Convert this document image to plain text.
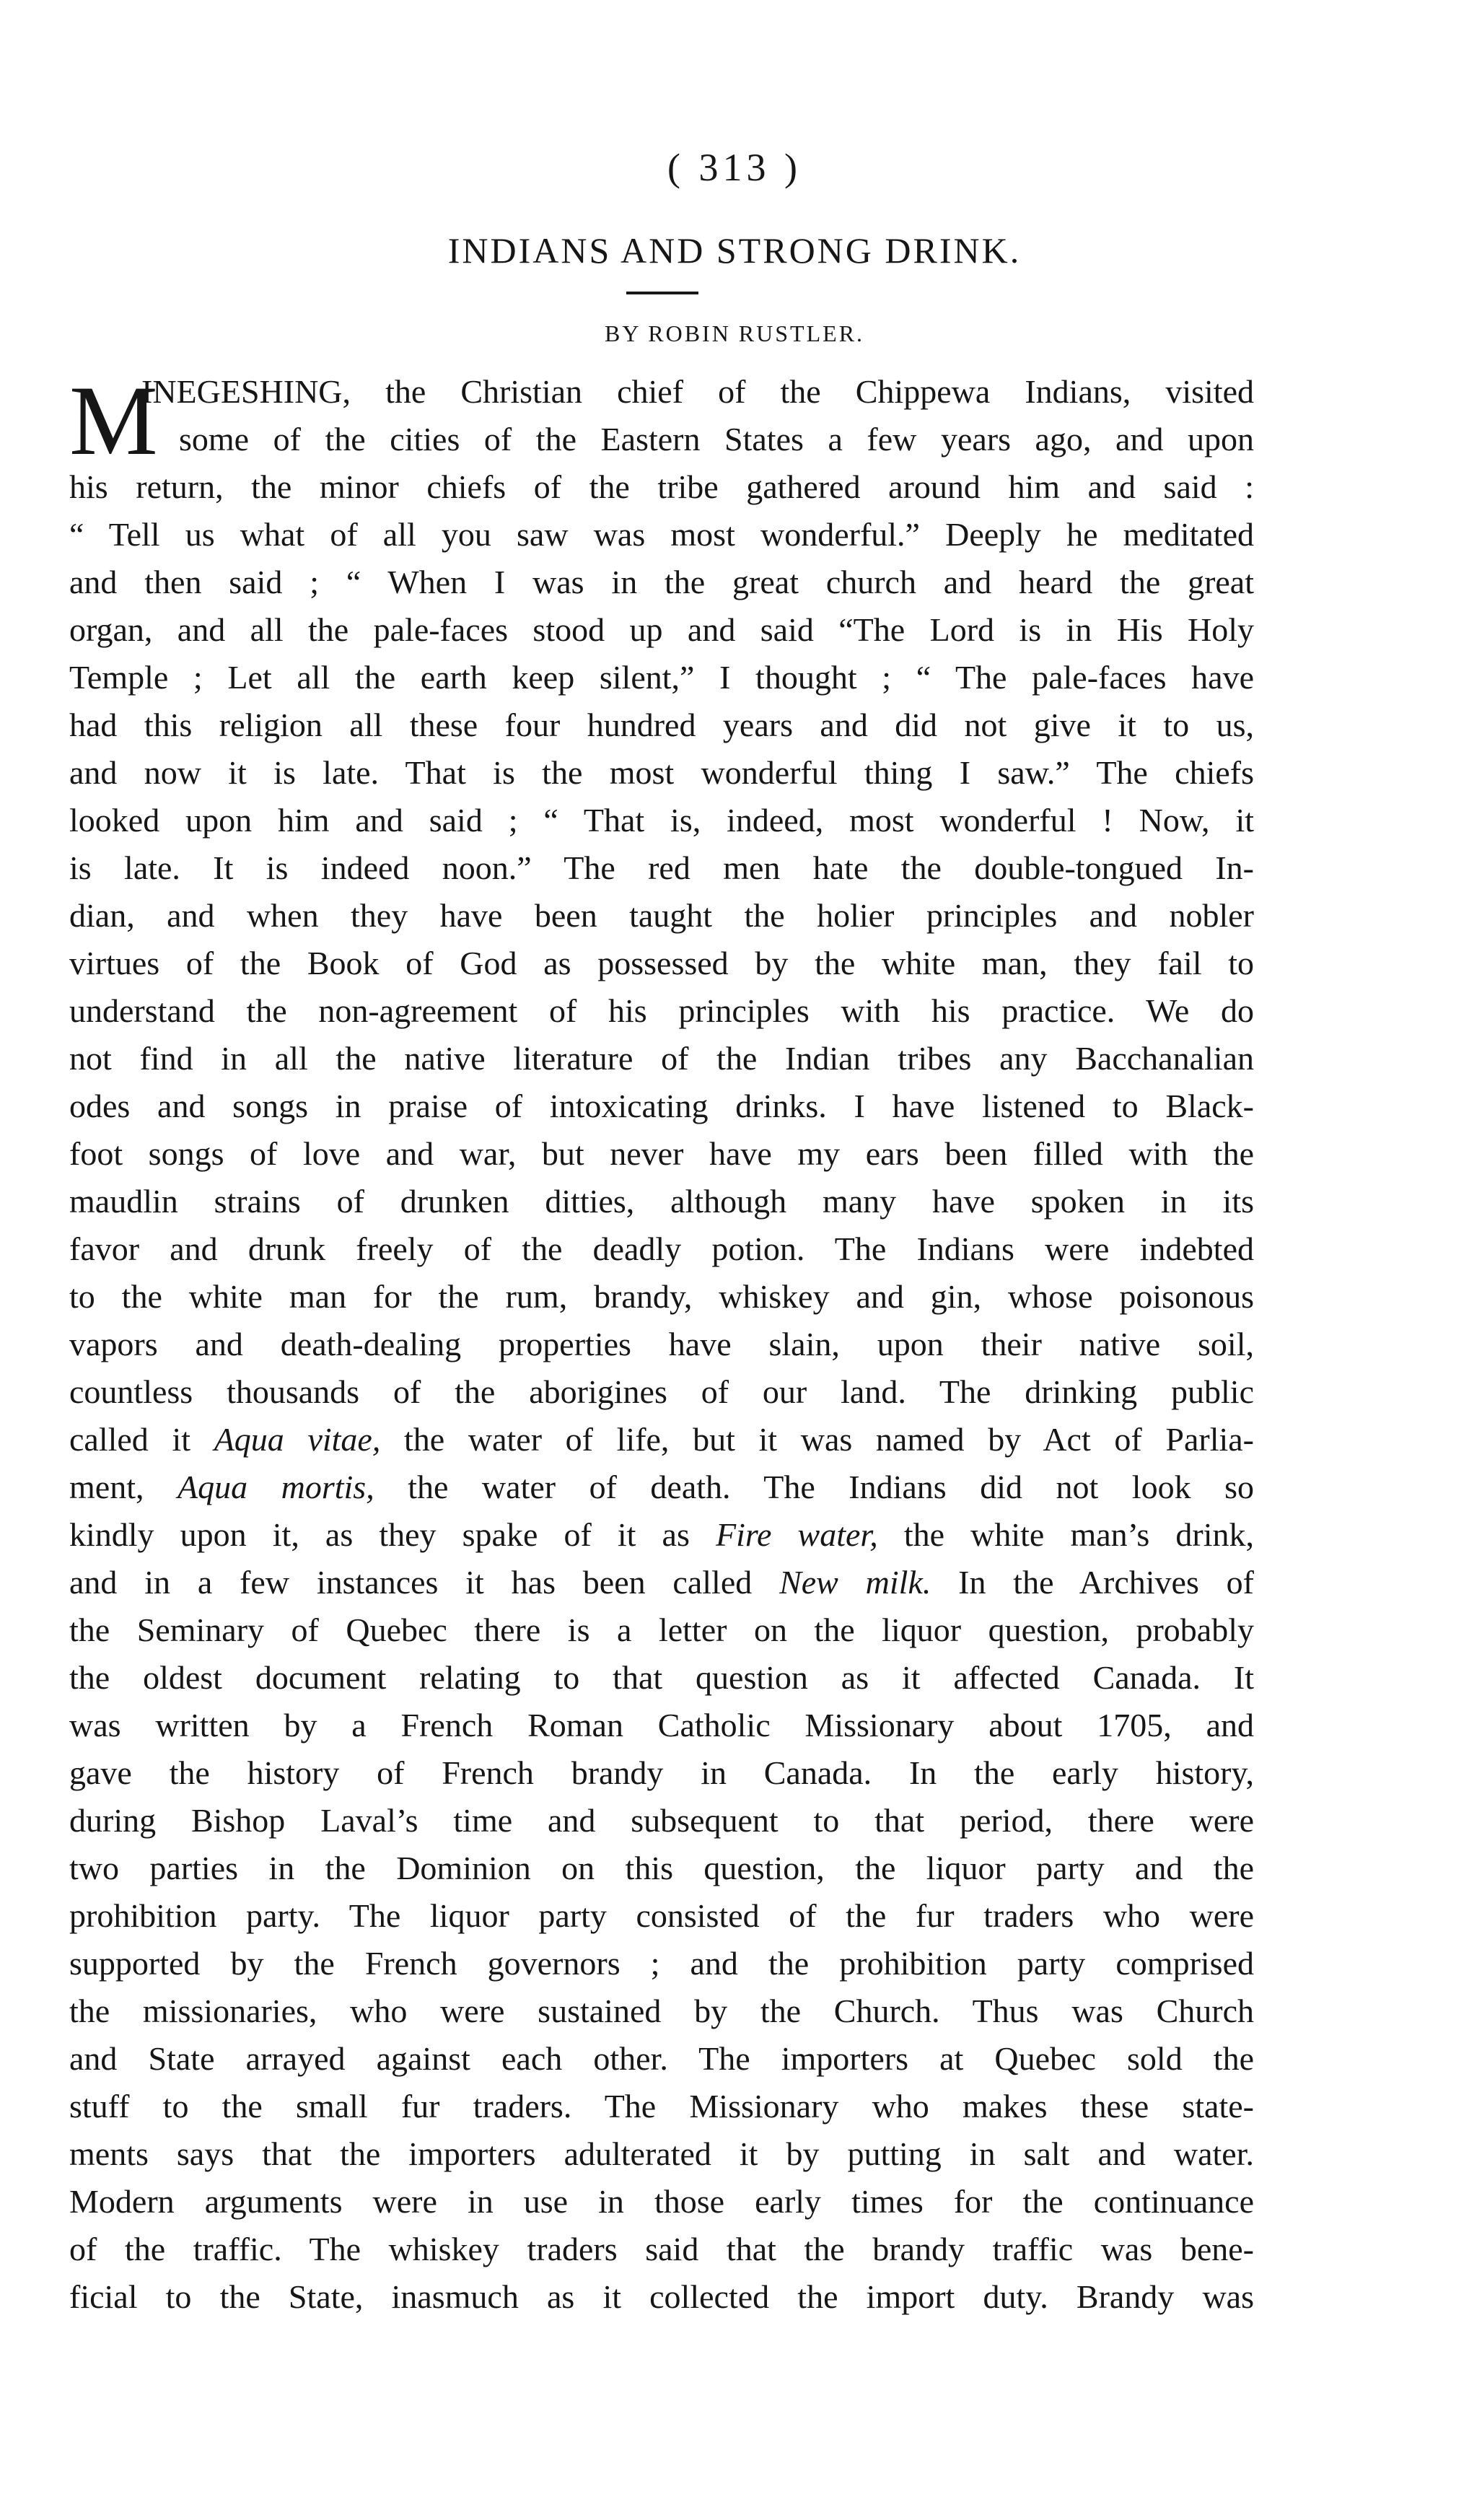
( 313 )
INDIANS AND STRONG DRINK.
BY ROBIN RUSTLER.
M
INEGESHING, the Christian chief of the Chippewa Indians, visited
some of the cities of the Eastern States a few years ago, and upon
his return, the minor chiefs of the tribe gathered around him and said :
“ Tell us what of all you saw was most wonderful.” Deeply he meditated
and then said ; “ When I was in the great church and heard the great
organ, and all the pale-faces stood up and said “The Lord is in His Holy
Temple ; Let all the earth keep silent,” I thought ; “ The pale-faces have
had this religion all these four hundred years and did not give it to us,
and now it is late. That is the most wonderful thing I saw.” The chiefs
looked upon him and said ; “ That is, indeed, most wonderful ! Now, it
is late. It is indeed noon.” The red men hate the double-tongued In-
dian, and when they have been taught the holier principles and nobler
virtues of the Book of God as possessed by the white man, they fail to
understand the non-agreement of his principles with his practice. We do
not find in all the native literature of the Indian tribes any Bacchanalian
odes and songs in praise of intoxicating drinks. I have listened to Black-
foot songs of love and war, but never have my ears been filled with the
maudlin strains of drunken ditties, although many have spoken in its
favor and drunk freely of the deadly potion. The Indians were indebted
to the white man for the rum, brandy, whiskey and gin, whose poisonous
vapors and death-dealing properties have slain, upon their native soil,
countless thousands of the aborigines of our land. The drinking public
called it Aqua vitae, the water of life, but it was named by Act of Parlia-
ment, Aqua mortis, the water of death. The Indians did not look so
kindly upon it, as they spake of it as Fire water, the white man’s drink,
and in a few instances it has been called New milk. In the Archives of
the Seminary of Quebec there is a letter on the liquor question, probably
the oldest document relating to that question as it affected Canada. It
was written by a French Roman Catholic Missionary about 1705, and
gave the history of French brandy in Canada. In the early history,
during Bishop Laval’s time and subsequent to that period, there were
two parties in the Dominion on this question, the liquor party and the
prohibition party. The liquor party consisted of the fur traders who were
supported by the French governors ; and the prohibition party comprised
the missionaries, who were sustained by the Church. Thus was Church
and State arrayed against each other. The importers at Quebec sold the
stuff to the small fur traders. The Missionary who makes these state-
ments says that the importers adulterated it by putting in salt and water.
Modern arguments were in use in those early times for the continuance
of the traffic. The whiskey traders said that the brandy traffic was bene-
ficial to the State, inasmuch as it collected the import duty. Brandy was
